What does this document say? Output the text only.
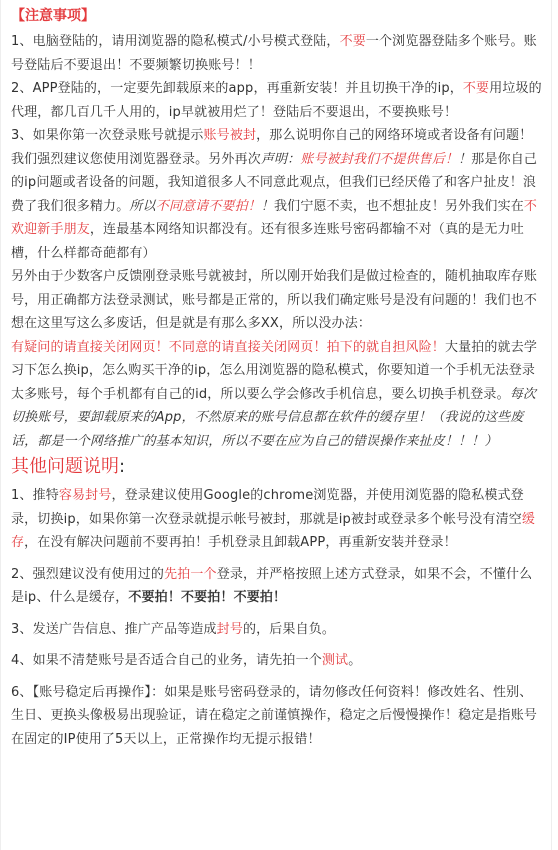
【注意事项】

1、电脑登陆的，请用浏览器的隐私模式/小号模式登陆，不要一个浏览器登陆多个账号。账号登陆后不要退出！不要频繁切换账号！！

2、APP登陆的，一定要先卸载原来的app，再重新安装！并且切换干净的ip，不要用垃圾的代理，都几百几千人用的，ip早就被用烂了！登陆后不要退出，不要换账号！

3、如果你第一次登录账号就提示账号被封，那么说明你自己的网络环境或者设备有问题！我们强烈建议您使用浏览器登录。另外再次声明：账号被封我们不提供售后！！那是你自己的ip问题或者设备的问题，我知道很多人不同意此观点，但我们已经厌倦了和客户扯皮！浪费了我们很多精力。所以不同意请不要拍！！我们宁愿不卖，也不想扯皮！另外我们实在不欢迎新手朋友，连最基本网络知识都没有。还有很多连账号密码都输不对（真的是无力吐槽，什么样都奇葩都有）

另外由于少数客户反馈刚登录账号就被封，所以刚开始我们是做过检查的，随机抽取库存账号，用正确都方法登录测试，账号都是正常的，所以我们确定账号是没有问题的！我们也不想在这里写这么多废话，但是就是有那么多XX，所以没办法：

有疑问的请直接关闭网页！不同意的请直接关闭网页！拍下的就自担风险！大量拍的就去学习下怎么换ip，怎么购买干净的ip，怎么用浏览器的隐私模式，你要知道一个手机无法登录太多账号，每个手机都有自己的id，所以要么学会修改手机信息，要么切换手机登录。每次切换账号，要卸载原来的App，不然原来的账号信息都在软件的缓存里！（我说的这些废话，都是一个网络推广的基本知识，所以不要在应为自己的错误操作来扯皮！！！）

其他问题说明:

1、推特容易封号，登录建议使用Google的chrome浏览器，并使用浏览器的隐私模式登录，切换ip，如果你第一次登录就提示帐号被封，那就是ip被封或登录多个帐号没有清空缓存，在没有解决问题前不要再拍！手机登录且卸载APP，再重新安装并登录！

2、强烈建议没有使用过的先拍一个登录，并严格按照上述方式登录，如果不会，不懂什么是ip、什么是缓存，不要拍！不要拍！不要拍！

3、发送广告信息、推广产品等造成封号的，后果自负。

4、如果不清楚账号是否适合自己的业务，请先拍一个测试。

6、【账号稳定后再操作】：如果是账号密码登录的，请勿修改任何资料！修改姓名、性别、生日、更换头像极易出现验证，请在稳定之前谨慎操作，稳定之后慢慢操作！稳定是指账号在固定的IP使用了5天以上，正常操作均无提示报错！
